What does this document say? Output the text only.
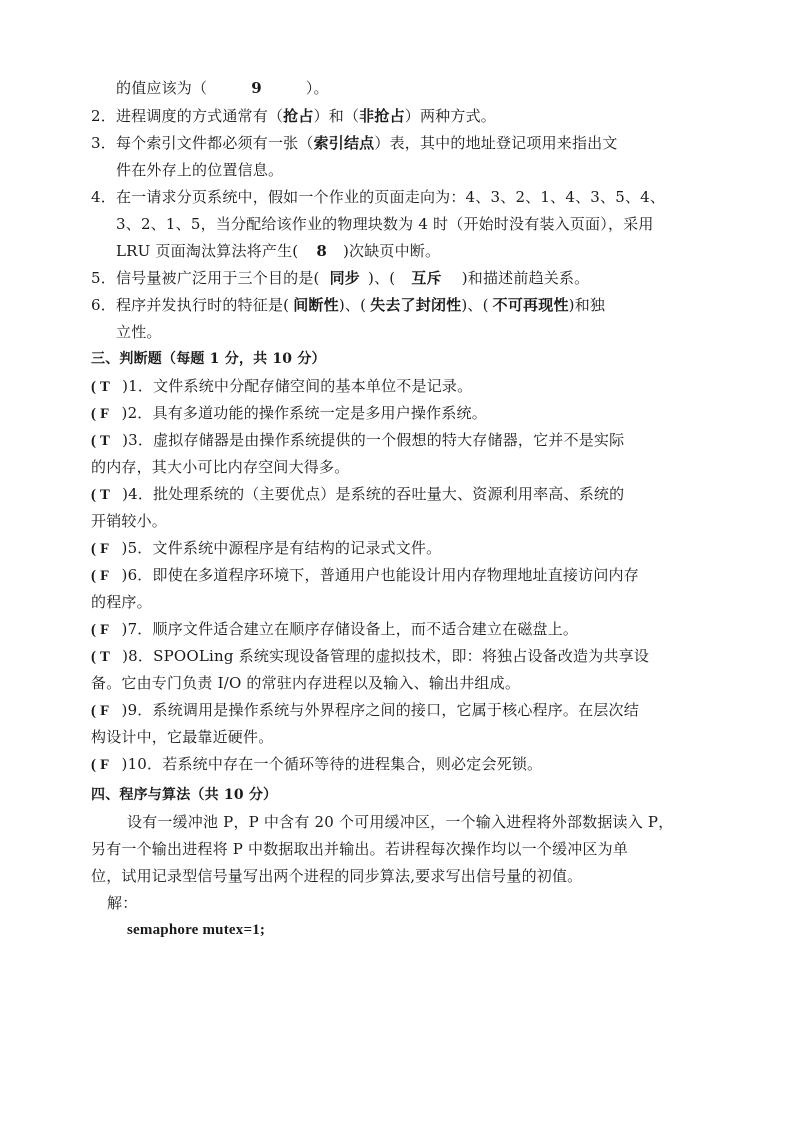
的值应该为（	9	）。
2．进程调度的方式通常有（抢占）和（非抢占）两种方式。
3．每个索引文件都必须有一张（索引结点）表，其中的地址登记项用来指出文
件在外存上的位置信息。
4．在一请求分页系统中，假如一个作业的页面走向为：4、3、2、1、4、3、5、4、
3、2、1、5，当分配给该作业的物理块数为 4 时（开始时没有装入页面），采用
LRU 页面淘汰算法将产生( 8 )次缺页中断。
5．信号量被广泛用于三个目的是( 同步 )、( 互斥 )和描述前趋关系。
6．程序并发执行时的特征是( 间断性)、( 失去了封闭性)、( 不可再现性)和独
立性。
三、判断题（每题 1 分，共 10 分）
( T )1．文件系统中分配存储空间的基本单位不是记录。
( F )2．具有多道功能的操作系统一定是多用户操作系统。
( T )3．虚拟存储器是由操作系统提供的一个假想的特大存储器，它并不是实际
的内存，其大小可比内存空间大得多。
( T )4．批处理系统的（主要优点）是系统的吞吐量大、资源利用率高、系统的
开销较小。
( F )5．文件系统中源程序是有结构的记录式文件。
( F )6．即使在多道程序环境下，普通用户也能设计用内存物理地址直接访问内存
的程序。
( F )7．顺序文件适合建立在顺序存储设备上，而不适合建立在磁盘上。
( T )8．SPOOLing 系统实现设备管理的虚拟技术，即：将独占设备改造为共享设
备。它由专门负责 I/O 的常驻内存进程以及输入、输出井组成。
( F )9．系统调用是操作系统与外界程序之间的接口，它属于核心程序。在层次结
构设计中，它最靠近硬件。
( F )10．若系统中存在一个循环等待的进程集合，则必定会死锁。
四、程序与算法（共 10 分）
设有一缓冲池 P，P 中含有 20 个可用缓冲区，一个输入进程将外部数据读入 P，
另有一个输出进程将 P 中数据取出并输出。若讲程每次操作均以一个缓冲区为单
位，试用记录型信号量写出两个进程的同步算法,要求写出信号量的初值。
解：
semaphore mutex=1;
